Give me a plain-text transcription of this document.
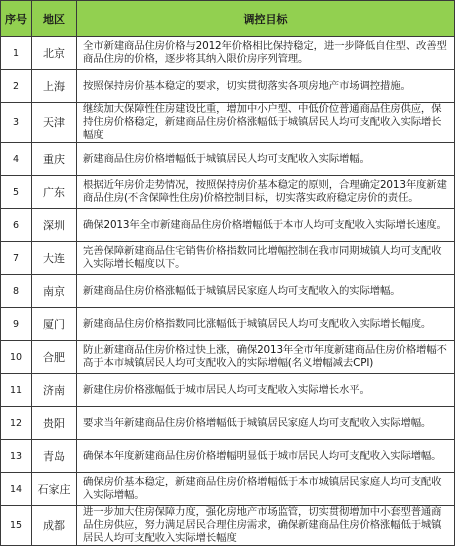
序号	地区	调控目标
1	北京	全市新建商品住房价格与2012年价格相比保持稳定，进一步降低自住型、改善型商品住房的价格，逐步将其纳入限价房序列管理。
2	上海	按照保持房价基本稳定的要求，切实贯彻落实各项房地产市场调控措施。
3	天津	继续加大保障性住房建设比重，增加中小户型、中低价位普通商品住房供应，保持住房价格稳定，新建商品住房价格涨幅低于城镇居民人均可支配收入实际增长幅度
4	重庆	新建商品住房价格增幅低于城镇居民人均可支配收入实际增幅。
5	广东	根据近年房价走势情况，按照保持房价基本稳定的原则，合理确定2013年度新建商品住房(不含保障性住房)价格控制目标，切实落实政府稳定房价的责任。
6	深圳	确保2013年全市新建商品住房价格增幅低于本市人均可支配收入实际增长速度。
7	大连	完善保障新建商品住宅销售价格指数同比增幅控制在我市同期城镇人均可支配收入实际增长幅度以下。
8	南京	新建商品住房价格涨幅低于城镇居民家庭人均可支配收入的实际增幅。
9	厦门	新建商品住房价格指数同比涨幅低于城镇居民人均可支配收入实际增长幅度。
10	合肥	防止新建商品住房价格过快上涨，确保2013年全市年度新建商品住房价格增幅不高于本市城镇居民人均可支配收入的实际增幅(名义增幅减去CPI)
11	济南	新建住房价格涨幅低于城市居民人均可支配收入实际增长水平。
12	贵阳	要求当年新建商品住房价格增幅低于城镇居民家庭人均可支配收入实际增幅。
13	青岛	确保本年度新建商品住房价格增幅明显低于城市居民人均可支配收入实际增幅。
14	石家庄	确保房价基本稳定，新建商品住房价格增幅低于本市城镇居民家庭人均可支配收入实际增幅。
15	成都	进一步加大住房保障力度，强化房地产市场监管，切实贯彻增加中小套型普通商品住房供应，努力满足居民合理住房需求，确保新建商品住房价格涨幅低于城镇居民人均可支配收入实际增长幅度
